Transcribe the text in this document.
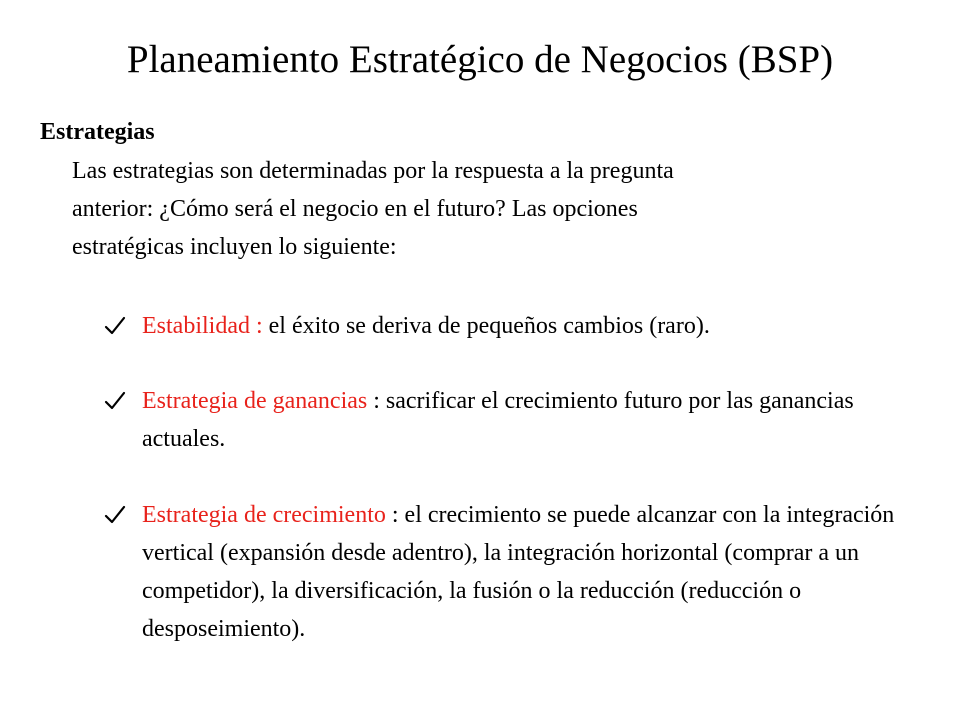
Planeamiento Estratégico de Negocios (BSP)
Estrategias

Las estrategias son determinadas por la respuesta a la pregunta
anterior: ¿Cómo será el negocio en el futuro? Las opciones
estratégicas incluyen lo siguiente:

Estabilidad : el éxito se deriva de pequeños cambios (raro).
Estrategia de ganancias : sacrificar el crecimiento futuro por las ganancias actuales.
Estrategia de crecimiento : el crecimiento se puede alcanzar con la integración vertical (expansión desde adentro), la integración horizontal (comprar a un competidor), la diversificación, la fusión o la reducción (reducción o desposeimiento).
